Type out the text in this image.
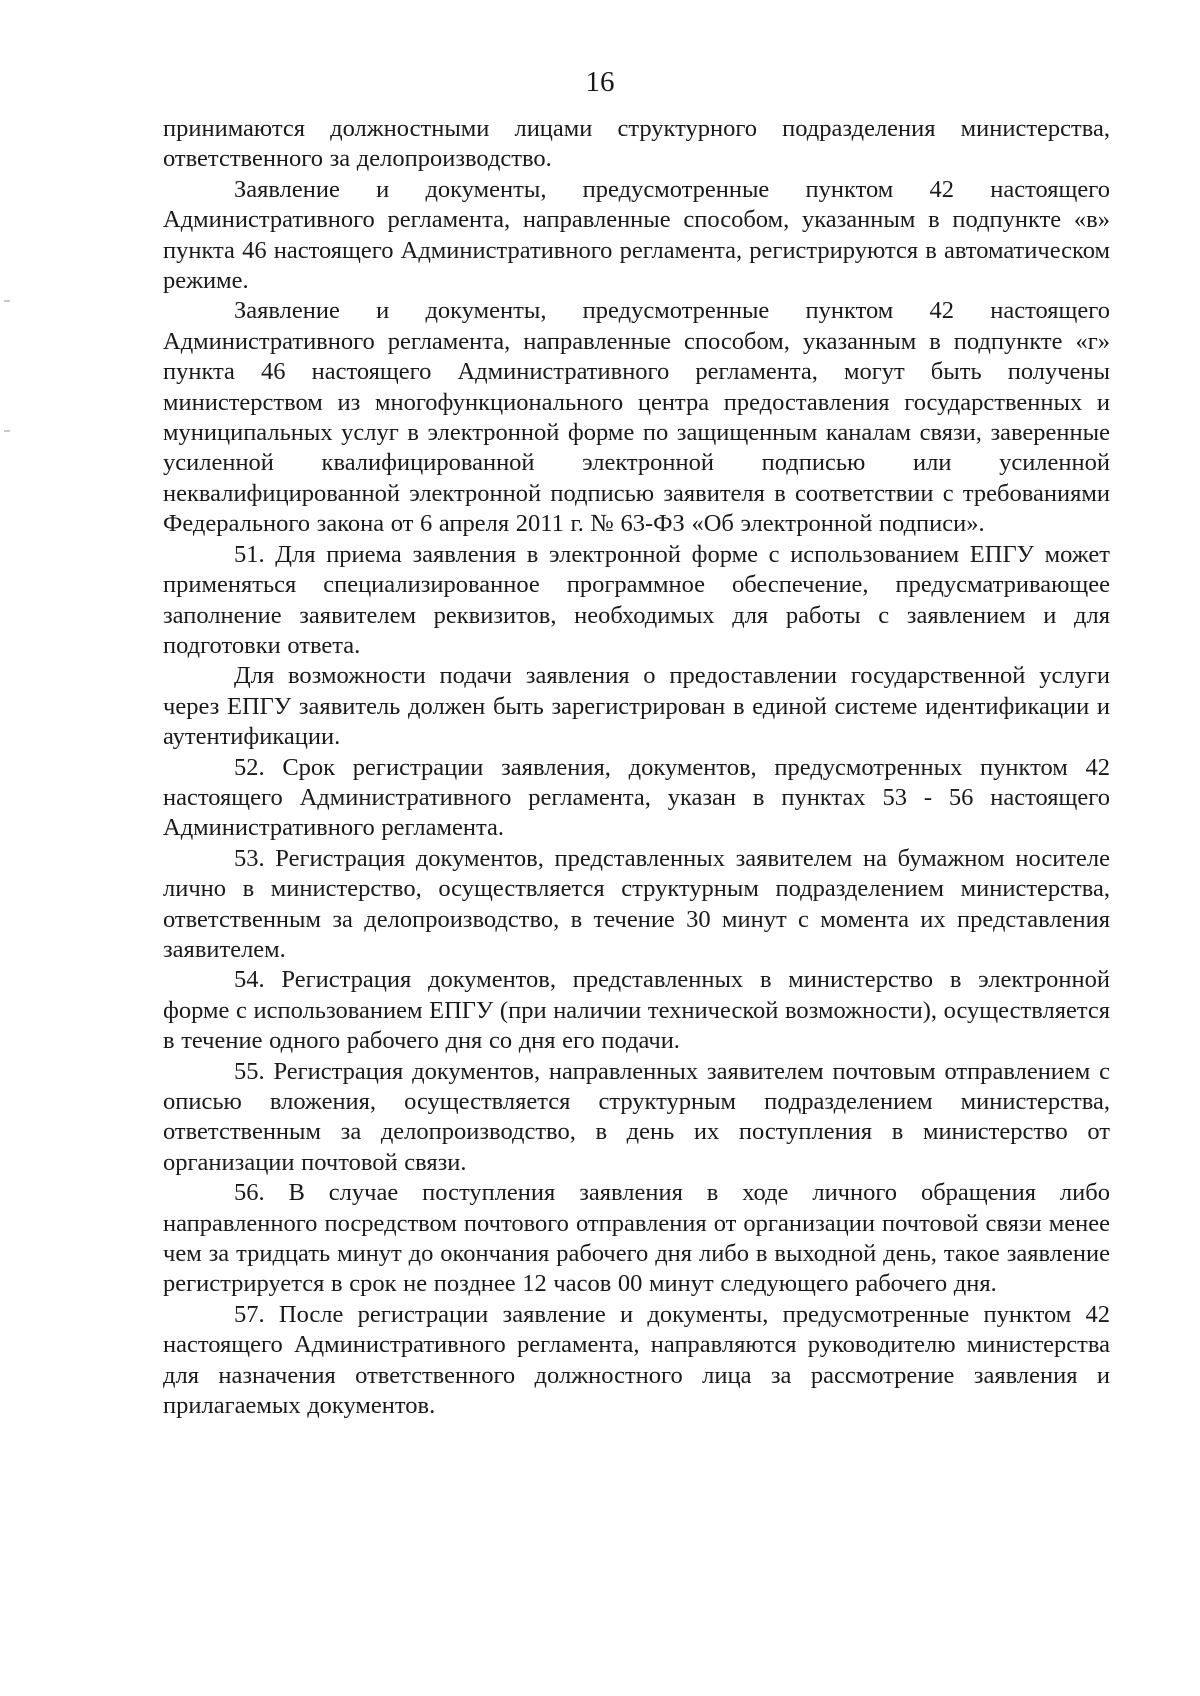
16

принимаются должностными лицами структурного подразделения министерства, ответственного за делопроизводство.

Заявление и документы, предусмотренные пунктом 42 настоящего Административного регламента, направленные способом, указанным в подпункте «в» пункта 46 настоящего Административного регламента, регистрируются в автоматическом режиме.

Заявление и документы, предусмотренные пунктом 42 настоящего Административного регламента, направленные способом, указанным в подпункте «г» пункта 46 настоящего Административного регламента, могут быть получены министерством из многофункционального центра предоставления государственных и муниципальных услуг в электронной форме по защищенным каналам связи, заверенные усиленной квалифицированной электронной подписью или усиленной неквалифицированной электронной подписью заявителя в соответствии с требованиями Федерального закона от 6 апреля 2011 г. № 63-ФЗ «Об электронной подписи».

51. Для приема заявления в электронной форме с использованием ЕПГУ может применяться специализированное программное обеспечение, предусматривающее заполнение заявителем реквизитов, необходимых для работы с заявлением и для подготовки ответа.

Для возможности подачи заявления о предоставлении государственной услуги через ЕПГУ заявитель должен быть зарегистрирован в единой системе идентификации и аутентификации.

52. Срок регистрации заявления, документов, предусмотренных пунктом 42 настоящего Административного регламента, указан в пунктах 53 - 56 настоящего Административного регламента.

53. Регистрация документов, представленных заявителем на бумажном носителе лично в министерство, осуществляется структурным подразделением министерства, ответственным за делопроизводство, в течение 30 минут с момента их представления заявителем.

54. Регистрация документов, представленных в министерство в электронной форме с использованием ЕПГУ (при наличии технической возможности), осуществляется в течение одного рабочего дня со дня его подачи.

55. Регистрация документов, направленных заявителем почтовым отправлением с описью вложения, осуществляется структурным подразделением министерства, ответственным за делопроизводство, в день их поступления в министерство от организации почтовой связи.

56. В случае поступления заявления в ходе личного обращения либо направленного посредством почтового отправления от организации почтовой связи менее чем за тридцать минут до окончания рабочего дня либо в выходной день, такое заявление регистрируется в срок не позднее 12 часов 00 минут следующего рабочего дня.

57. После регистрации заявление и документы, предусмотренные пунктом 42 настоящего Административного регламента, направляются руководителю министерства для назначения ответственного должностного лица за рассмотрение заявления и прилагаемых документов.
